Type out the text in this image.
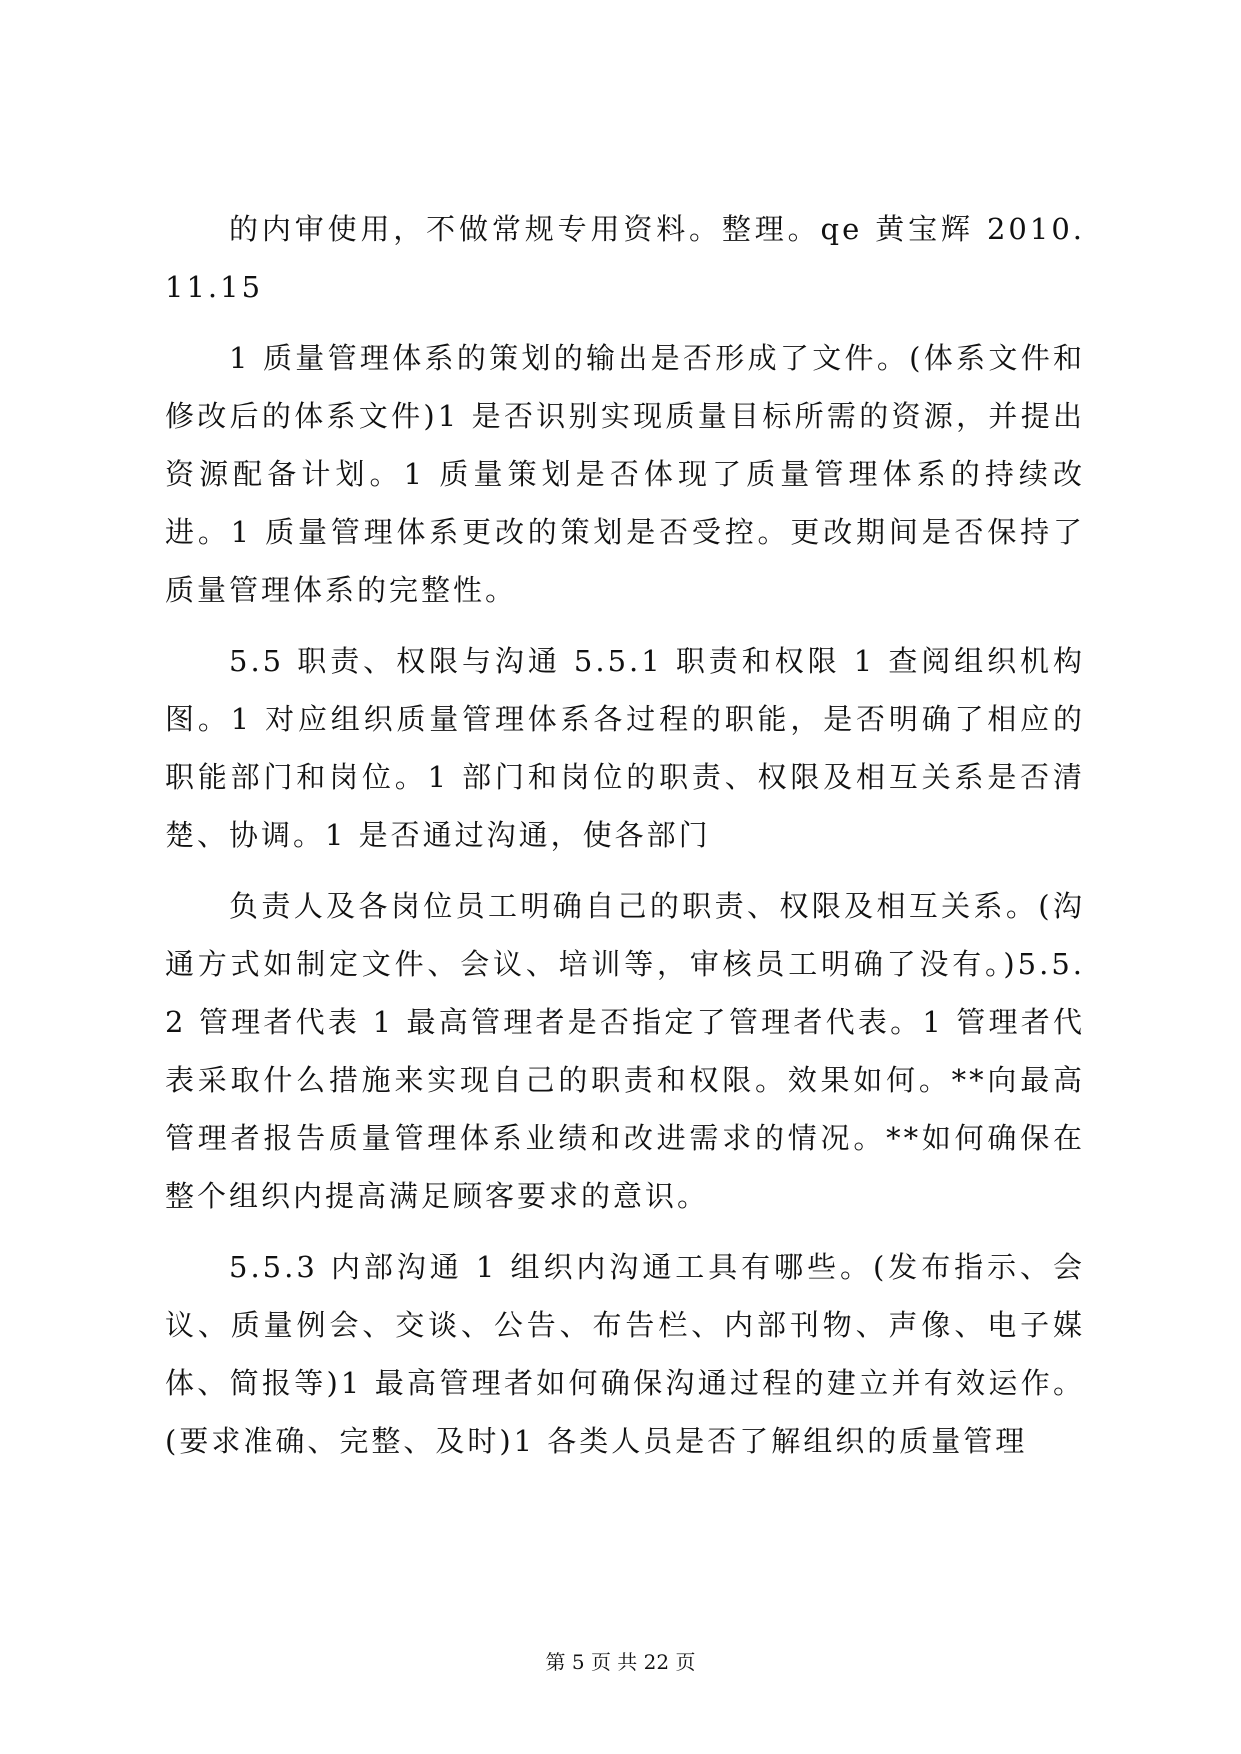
的内审使用，不做常规专用资料。整理。qe 黄宝辉 2010.11.15

1 质量管理体系的策划的输出是否形成了文件。(体系文件和修改后的体系文件)1 是否识别实现质量目标所需的资源，并提出资源配备计划。1 质量策划是否体现了质量管理体系的持续改进。1 质量管理体系更改的策划是否受控。更改期间是否保持了质量管理体系的完整性。

5.5 职责、权限与沟通 5.5.1 职责和权限 1 查阅组织机构图。1 对应组织质量管理体系各过程的职能，是否明确了相应的职能部门和岗位。1 部门和岗位的职责、权限及相互关系是否清楚、协调。1 是否通过沟通，使各部门

负责人及各岗位员工明确自己的职责、权限及相互关系。(沟通方式如制定文件、会议、培训等，审核员工明确了没有。)5.5.2 管理者代表 1 最高管理者是否指定了管理者代表。1 管理者代表采取什么措施来实现自己的职责和权限。效果如何。**向最高管理者报告质量管理体系业绩和改进需求的情况。**如何确保在整个组织内提高满足顾客要求的意识。

5.5.3 内部沟通 1 组织内沟通工具有哪些。(发布指示、会议、质量例会、交谈、公告、布告栏、内部刊物、声像、电子媒体、简报等)1 最高管理者如何确保沟通过程的建立并有效运作。(要求准确、完整、及时)1 各类人员是否了解组织的质量管理

第 5 页 共 22 页
